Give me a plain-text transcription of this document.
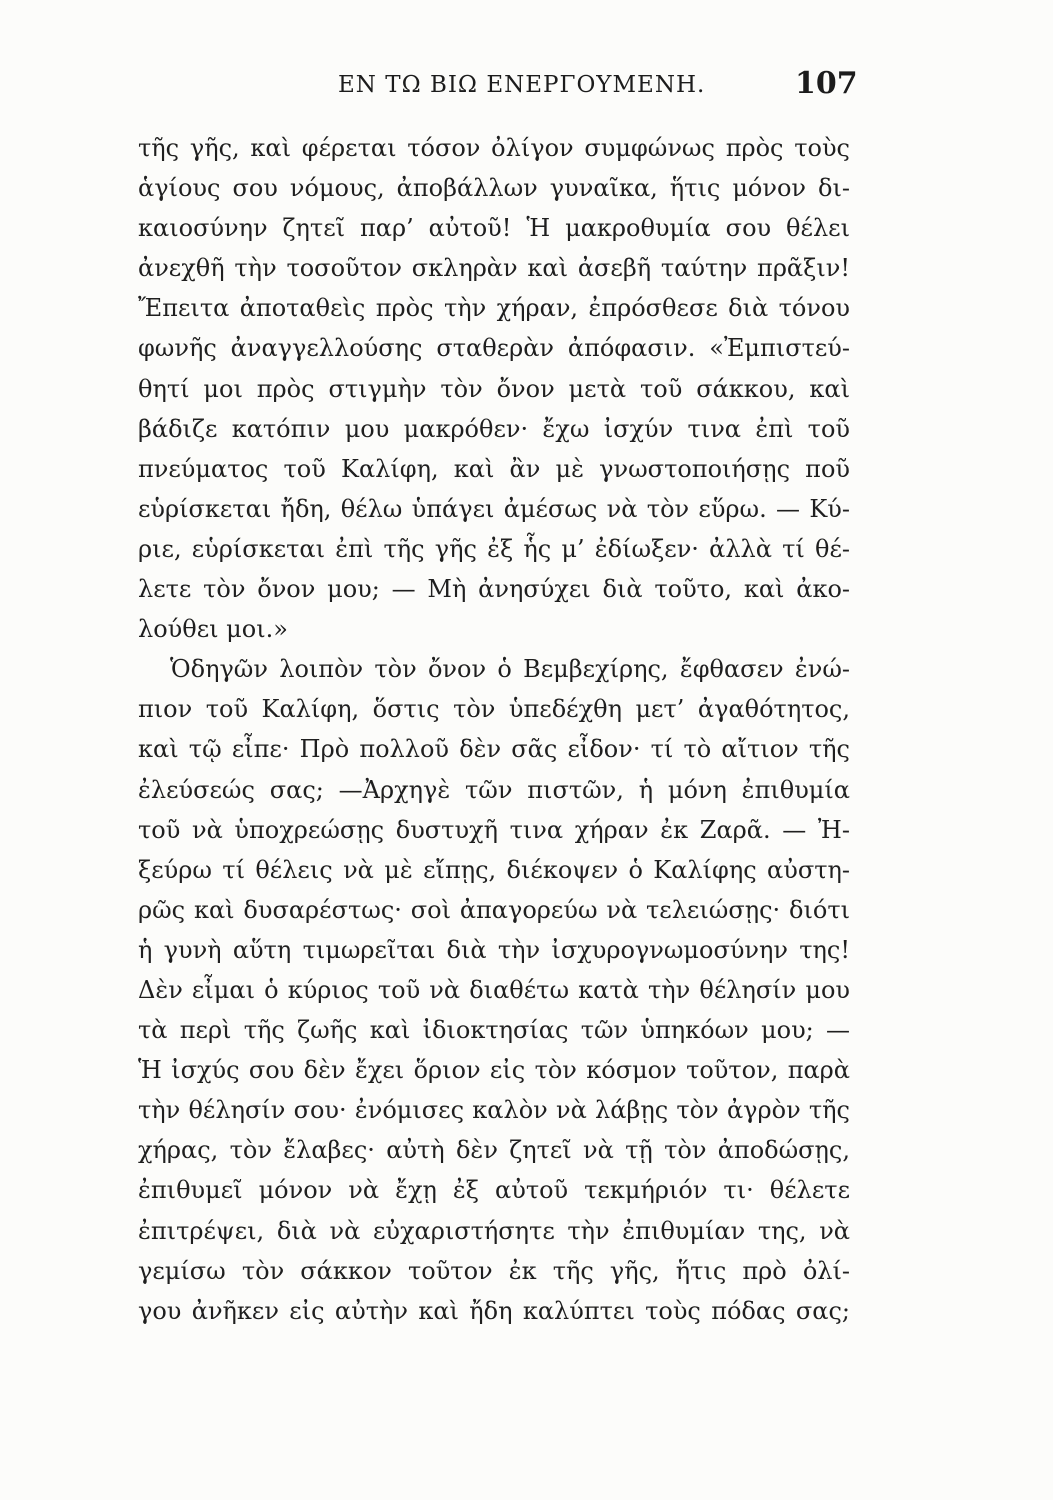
ΕΝ ΤΩ ΒΙΩ ΕΝΕΡΓΟΥΜΕΝΗ.	107
τῆς γῆς, καὶ φέρεται τόσον ὀλίγον συμφώνως πρὸς τοὺς
ἁγίους σου νόμους, ἀποβάλλων γυναῖκα, ἥτις μόνον δι-
καιοσύνην ζητεῖ παρ’ αὐτοῦ! Ἡ μακροθυμία σου θέλει
ἀνεχθῆ τὴν τοσοῦτον σκληρὰν καὶ ἀσεβῆ ταύτην πρᾶξιν!
Ἔπειτα ἀποταθεὶς πρὸς τὴν χήραν, ἐπρόσθεσε διὰ τόνου
φωνῆς ἀναγγελλούσης σταθερὰν ἀπόφασιν. «Ἐμπιστεύ-
θητί μοι πρὸς στιγμὴν τὸν ὄνον μετὰ τοῦ σάκκου, καὶ
βάδιζε κατόπιν μου μακρόθεν· ἔχω ἰσχύν τινα ἐπὶ τοῦ
πνεύματος τοῦ Καλίφη, καὶ ἂν μὲ γνωστοποιήσῃς ποῦ
εὑρίσκεται ἤδη, θέλω ὑπάγει ἀμέσως νὰ τὸν εὕρω. — Κύ-
ριε, εὑρίσκεται ἐπὶ τῆς γῆς ἐξ ἧς μ’ ἐδίωξεν· ἀλλὰ τί θέ-
λετε τὸν ὄνον μου; — Μὴ ἀνησύχει διὰ τοῦτο, καὶ ἀκο-
λούθει μοι.»
Ὁδηγῶν λοιπὸν τὸν ὄνον ὁ Βεμβεχίρης, ἔφθασεν ἐνώ-
πιον τοῦ Καλίφη, ὅστις τὸν ὑπεδέχθη μετ’ ἀγαθότητος,
καὶ τῷ εἶπε· Πρὸ πολλοῦ δὲν σᾶς εἶδον· τί τὸ αἴτιον τῆς
ἐλεύσεώς σας; —Ἀρχηγὲ τῶν πιστῶν, ἡ μόνη ἐπιθυμία
τοῦ νὰ ὑποχρεώσῃς δυστυχῆ τινα χήραν ἐκ Ζαρᾶ. — Ἠ-
ξεύρω τί θέλεις νὰ μὲ εἴπῃς, διέκοψεν ὁ Καλίφης αὐστη-
ρῶς καὶ δυσαρέστως· σοὶ ἀπαγορεύω νὰ τελειώσῃς· διότι
ἡ γυνὴ αὕτη τιμωρεῖται διὰ τὴν ἰσχυρογνωμοσύνην της!
Δὲν εἶμαι ὁ κύριος τοῦ νὰ διαθέτω κατὰ τὴν θέλησίν μου
τὰ περὶ τῆς ζωῆς καὶ ἰδιοκτησίας τῶν ὑπηκόων μου; —
Ἡ ἰσχύς σου δὲν ἔχει ὅριον εἰς τὸν κόσμον τοῦτον, παρὰ
τὴν θέλησίν σου· ἐνόμισες καλὸν νὰ λάβῃς τὸν ἀγρὸν τῆς
χήρας, τὸν ἔλαβες· αὐτὴ δὲν ζητεῖ νὰ τῇ τὸν ἀποδώσῃς,
ἐπιθυμεῖ μόνον νὰ ἔχῃ ἐξ αὐτοῦ τεκμήριόν τι· θέλετε
ἐπιτρέψει, διὰ νὰ εὐχαριστήσητε τὴν ἐπιθυμίαν της, νὰ
γεμίσω τὸν σάκκον τοῦτον ἐκ τῆς γῆς, ἥτις πρὸ ὀλί-
γου ἀνῆκεν εἰς αὐτὴν καὶ ἤδη καλύπτει τοὺς πόδας σας;
